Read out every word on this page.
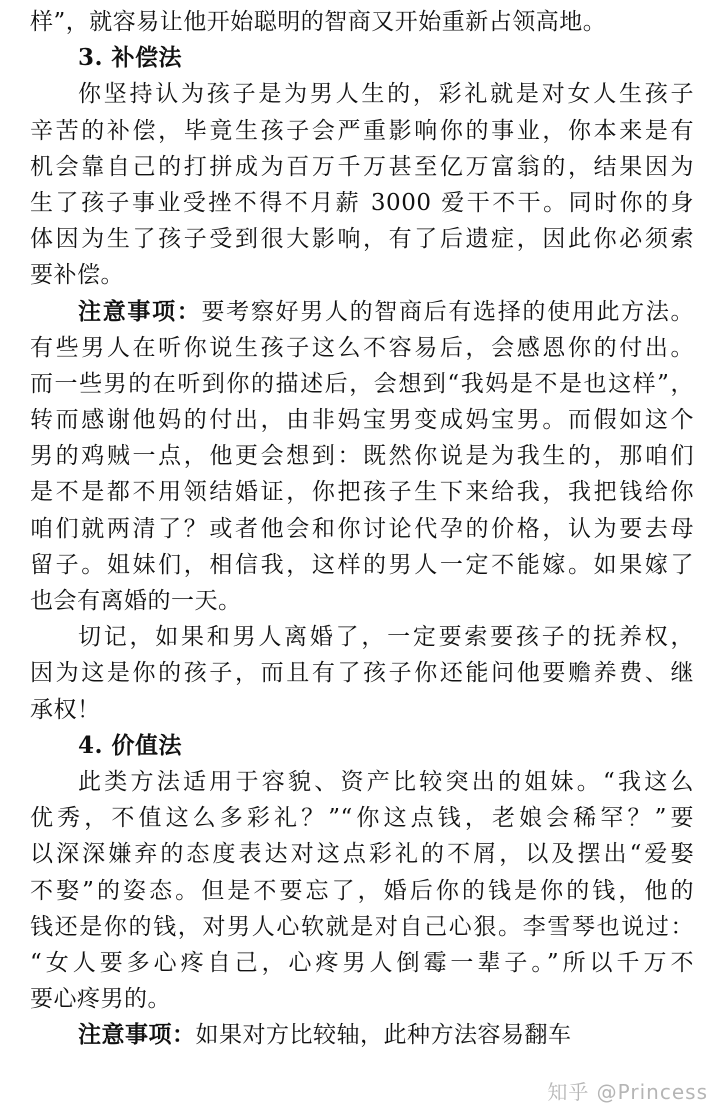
样”，就容易让他开始聪明的智商又开始重新占领高地。
3. 补偿法
你坚持认为孩子是为男人生的，彩礼就是对女人生孩子
辛苦的补偿，毕竟生孩子会严重影响你的事业，你本来是有
机会靠自己的打拼成为百万千万甚至亿万富翁的，结果因为
生了孩子事业受挫不得不月薪 3000 爱干不干。同时你的身
体因为生了孩子受到很大影响，有了后遗症，因此你必须索
要补偿。
注意事项：要考察好男人的智商后有选择的使用此方法。
有些男人在听你说生孩子这么不容易后，会感恩你的付出。
而一些男的在听到你的描述后，会想到“我妈是不是也这样”，
转而感谢他妈的付出，由非妈宝男变成妈宝男。而假如这个
男的鸡贼一点，他更会想到：既然你说是为我生的，那咱们
是不是都不用领结婚证，你把孩子生下来给我，我把钱给你
咱们就两清了？或者他会和你讨论代孕的价格，认为要去母
留子。姐妹们，相信我，这样的男人一定不能嫁。如果嫁了
也会有离婚的一天。
切记，如果和男人离婚了，一定要索要孩子的抚养权，
因为这是你的孩子，而且有了孩子你还能问他要赡养费、继
承权！
4. 价值法
此类方法适用于容貌、资产比较突出的姐妹。“我这么
优秀，不值这么多彩礼？”“你这点钱，老娘会稀罕？”要
以深深嫌弃的态度表达对这点彩礼的不屑，以及摆出“爱娶
不娶”的姿态。但是不要忘了，婚后你的钱是你的钱，他的
钱还是你的钱，对男人心软就是对自己心狠。李雪琴也说过：
“女人要多心疼自己，心疼男人倒霉一辈子。”所以千万不
要心疼男的。
注意事项：如果对方比较轴，此种方法容易翻车
知乎 @Princess
